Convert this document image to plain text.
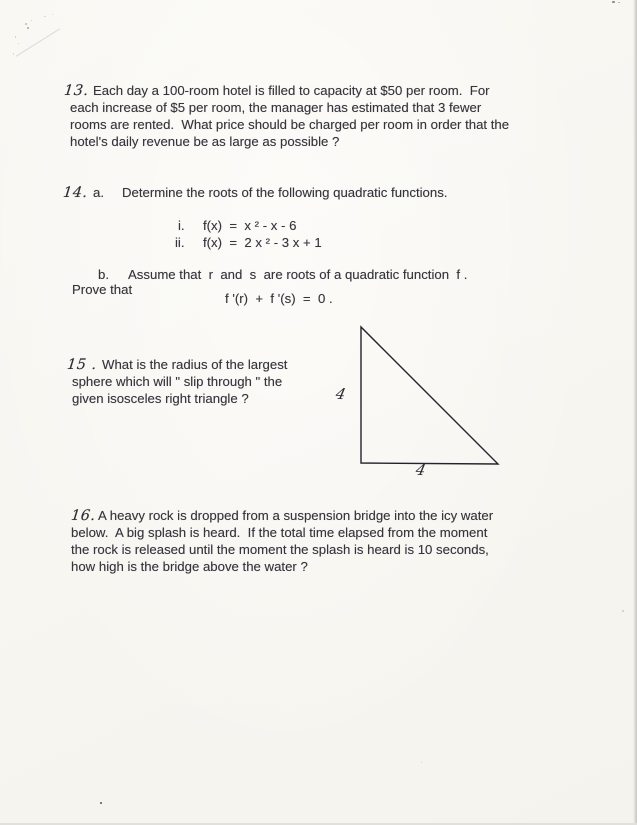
13. Each day a 100-room hotel is filled to capacity at $50 per room.  For
each increase of $5 per room, the manager has estimated that 3 fewer
rooms are rented.  What price should be charged per room in order that the
hotel's daily revenue be as large as possible ?
14. a. Determine the roots of the following quadratic functions.
i. f(x)  =  x ² - x - 6
ii. f(x)  =  2 x ² - 3 x + 1
b. Assume that  r  and  s  are roots of a quadratic function  f .
Prove that
f '(r)  +  f '(s)  =  0 .
15 . What is the radius of the largest
sphere which will " slip through " the
given isosceles right triangle ?	4
4
16. A heavy rock is dropped from a suspension bridge into the icy water
below.  A big splash is heard.  If the total time elapsed from the moment
the rock is released until the moment the splash is heard is 10 seconds,
how high is the bridge above the water ?
